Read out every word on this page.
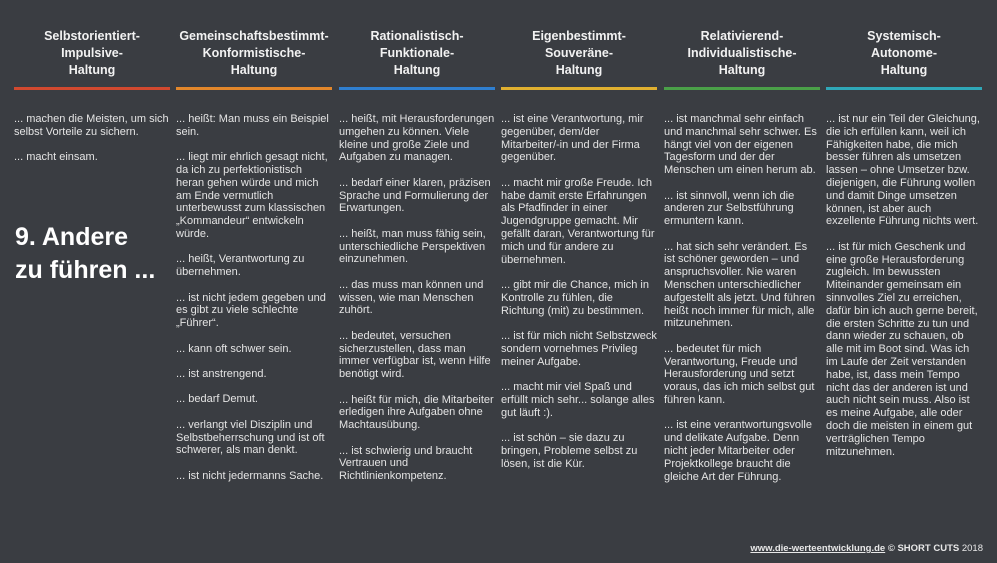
Selbstorientiert-
Impulsive-
Haltung

... machen die Meisten, um sich selbst Vorteile zu sichern.

... macht einsam.

Gemeinschaftsbestimmt-
Konformistische-
Haltung

... heißt: Man muss ein Beispiel sein.

... liegt mir ehrlich gesagt nicht, da ich zu perfektionistisch heran gehen würde und mich am Ende vermutlich unterbewusst zum klassischen „Kommandeur“ entwickeln würde.

... heißt, Verantwortung zu übernehmen.

... ist nicht jedem gegeben und es gibt zu viele schlechte „Führer“.

... kann oft schwer sein.

... ist anstrengend.

... bedarf Demut.

... verlangt viel Disziplin und Selbstbeherrschung und ist oft schwerer, als man denkt.

... ist nicht jedermanns Sache.

Rationalistisch-
Funktionale-
Haltung

... heißt, mit Herausforderungen umgehen zu können. Viele kleine und große Ziele und Aufgaben zu managen.

... bedarf einer klaren, präzisen Sprache und Formulierung der Erwartungen.

... heißt, man muss fähig sein, unterschiedliche Perspektiven einzunehmen.

... das muss man können und wissen, wie man Menschen zuhört.

... bedeutet, versuchen sicherzustellen, dass man immer verfügbar ist, wenn Hilfe benötigt wird.

... heißt für mich, die Mitarbeiter erledigen ihre Aufgaben ohne Machtausübung.

... ist schwierig und braucht Vertrauen und Richtlinienkompetenz.

Eigenbestimmt-
Souveräne-
Haltung

... ist eine Verantwortung, mir gegenüber, dem/der Mitarbeiter/-in und der Firma gegenüber.

... macht mir große Freude. Ich habe damit erste Erfahrungen als Pfadfinder in einer Jugendgruppe gemacht. Mir gefällt daran, Verantwortung für mich und für andere zu übernehmen.

... gibt mir die Chance, mich in Kontrolle zu fühlen, die Richtung (mit) zu bestimmen.

... ist für mich nicht Selbstzweck sondern vornehmes Privileg meiner Aufgabe.

... macht mir viel Spaß und erfüllt mich sehr... solange alles gut läuft :).

... ist schön – sie dazu zu bringen, Probleme selbst zu lösen, ist die Kür.

Relativierend-
Individualistische-
Haltung

... ist manchmal sehr einfach und manchmal sehr schwer. Es hängt viel von der eigenen Tagesform und der der Menschen um einen herum ab.

... ist sinnvoll, wenn ich die anderen zur Selbstführung ermuntern kann.

... hat sich sehr verändert. Es ist schöner geworden – und anspruchsvoller. Nie waren Menschen unterschiedlicher aufgestellt als jetzt. Und führen heißt noch immer für mich, alle mitzunehmen.

... bedeutet für mich Verantwortung, Freude und Herausforderung und setzt voraus, das ich mich selbst gut führen kann.

... ist eine verantwortungsvolle und delikate Aufgabe. Denn nicht jeder Mitarbeiter oder Projektkollege braucht die gleiche Art der Führung.

Systemisch-
Autonome-
Haltung

... ist nur ein Teil der Gleichung, die ich erfüllen kann, weil ich Fähigkeiten habe, die mich besser führen als umsetzen lassen – ohne Umsetzer bzw. diejenigen, die Führung wollen und damit Dinge umsetzen können, ist aber auch exzellente Führung nichts wert.

... ist für mich Geschenk und eine große Herausforderung zugleich. Im bewussten Miteinander gemeinsam ein sinnvolles Ziel zu erreichen, dafür bin ich auch gerne bereit, die ersten Schritte zu tun und dann wieder zu schauen, ob alle mit im Boot sind. Was ich im Laufe der Zeit verstanden habe, ist, dass mein Tempo nicht das der anderen ist und auch nicht sein muss. Also ist es meine Aufgabe, alle oder doch die meisten in einem gut verträglichen Tempo mitzunehmen.

9. Andere
zu führen ...
www.die-werteentwicklung.de © SHORT CUTS 2018
